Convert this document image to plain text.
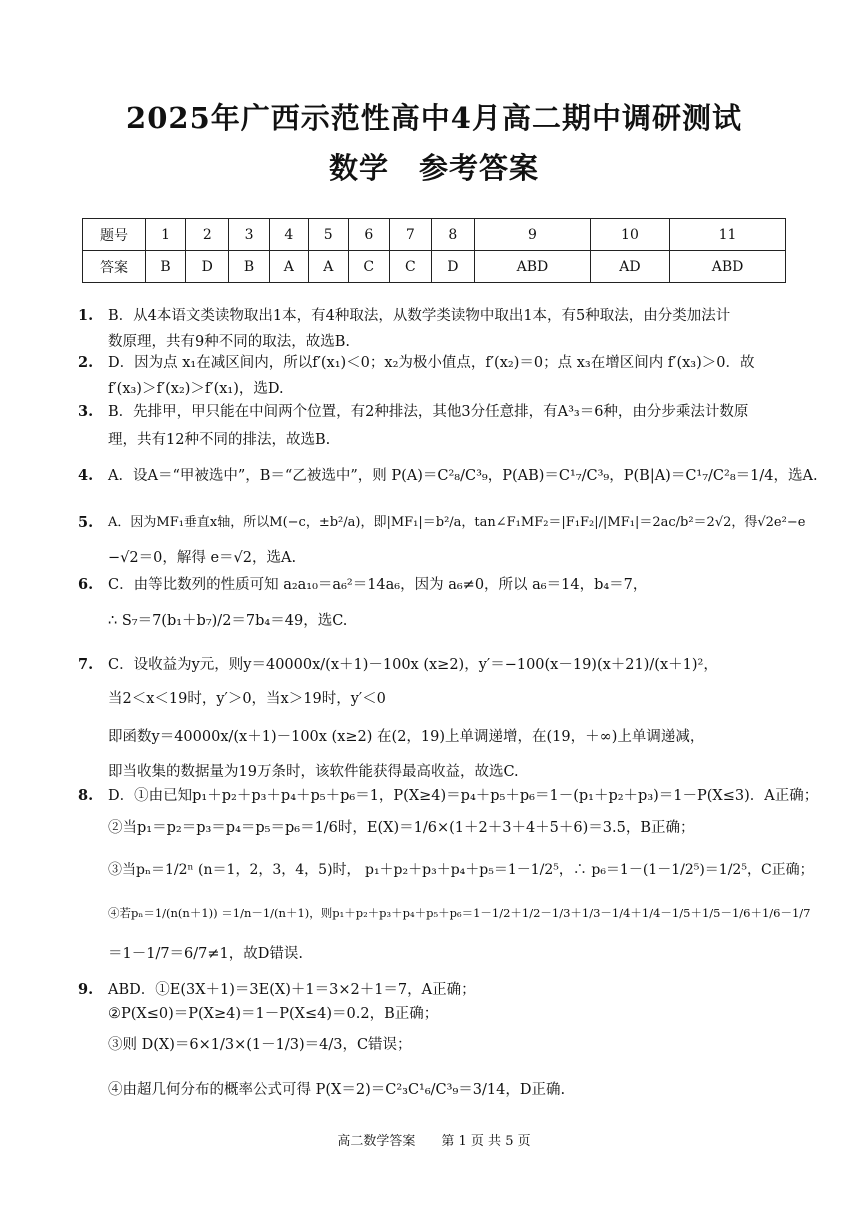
2025年广西示范性高中4月高二期中调研测试
数学　参考答案
题号	1	2	3	4	5	6	7	8	9	10	11
答案	B	D	B	A	A	C	C	D	ABD	AD	ABD
1. B．从4本语文类读物取出1本，有4种取法，从数学类读物中取出1本，有5种取法，由分类加法计
数原理，共有9种不同的取法，故选B.
2. D．因为点 x₁在减区间内，所以f′(x₁)＜0；x₂为极小值点，f′(x₂)＝0；点 x₃在增区间内 f′(x₃)＞0．故
f′(x₃)＞f′(x₂)＞f′(x₁)，选D.
3. B．先排甲，甲只能在中间两个位置，有2种排法，其他3分任意排，有A³₃＝6种，由分步乘法计数原
理，共有12种不同的排法，故选B.
4. A．设A＝“甲被选中”，B＝“乙被选中”，则 P(A)＝C²₈/C³₉，P(AB)＝C¹₇/C³₉，P(B|A)＝C¹₇/C²₈＝1/4，选A.
5. A．因为MF₁垂直x轴，所以M(−c，±b²/a)，即|MF₁|＝b²/a，tan∠F₁MF₂＝|F₁F₂|/|MF₁|＝2ac/b²＝2√2，得√2e²−e
−√2＝0，解得 e＝√2，选A.
6. C．由等比数列的性质可知 a₂a₁₀＝a₆²＝14a₆，因为 a₆≠0，所以 a₆＝14，b₄＝7，
∴ S₇＝7(b₁＋b₇)/2＝7b₄＝49，选C.
7. C．设收益为y元，则y＝40000x/(x＋1)－100x (x≥2)，y′＝−100(x－19)(x＋21)/(x＋1)²，
当2＜x＜19时，y′＞0，当x＞19时，y′＜0
即函数y＝40000x/(x＋1)－100x (x≥2) 在(2，19)上单调递增，在(19，＋∞)上单调递减，
即当收集的数据量为19万条时，该软件能获得最高收益，故选C.
8. D．①由已知p₁＋p₂＋p₃＋p₄＋p₅＋p₆＝1，P(X≥4)＝p₄＋p₅＋p₆＝1－(p₁＋p₂＋p₃)＝1－P(X≤3)．A正确；
②当p₁＝p₂＝p₃＝p₄＝p₅＝p₆＝1/6时，E(X)＝1/6×(1＋2＋3＋4＋5＋6)＝3.5，B正确；
③当pₙ＝1/2ⁿ (n＝1，2，3，4，5)时， p₁＋p₂＋p₃＋p₄＋p₅＝1－1/2⁵，∴ p₆＝1－(1－1/2⁵)＝1/2⁵，C正确；
④若pₙ＝1/(n(n＋1)) ＝1/n－1/(n＋1)，则p₁＋p₂＋p₃＋p₄＋p₅＋p₆＝1－1/2＋1/2－1/3＋1/3－1/4＋1/4－1/5＋1/5－1/6＋1/6－1/7
＝1－1/7＝6/7≠1，故D错误.
9. ABD．①E(3X＋1)＝3E(X)＋1＝3×2＋1＝7，A正确；
②P(X≤0)＝P(X≥4)＝1－P(X≤4)＝0.2，B正确；
③则 D(X)＝6×1/3×(1－1/3)＝4/3，C错误；
④由超几何分布的概率公式可得 P(X＝2)＝C²₃C¹₆/C³₉＝3/14，D正确.
高二数学答案　　第 1 页 共 5 页
